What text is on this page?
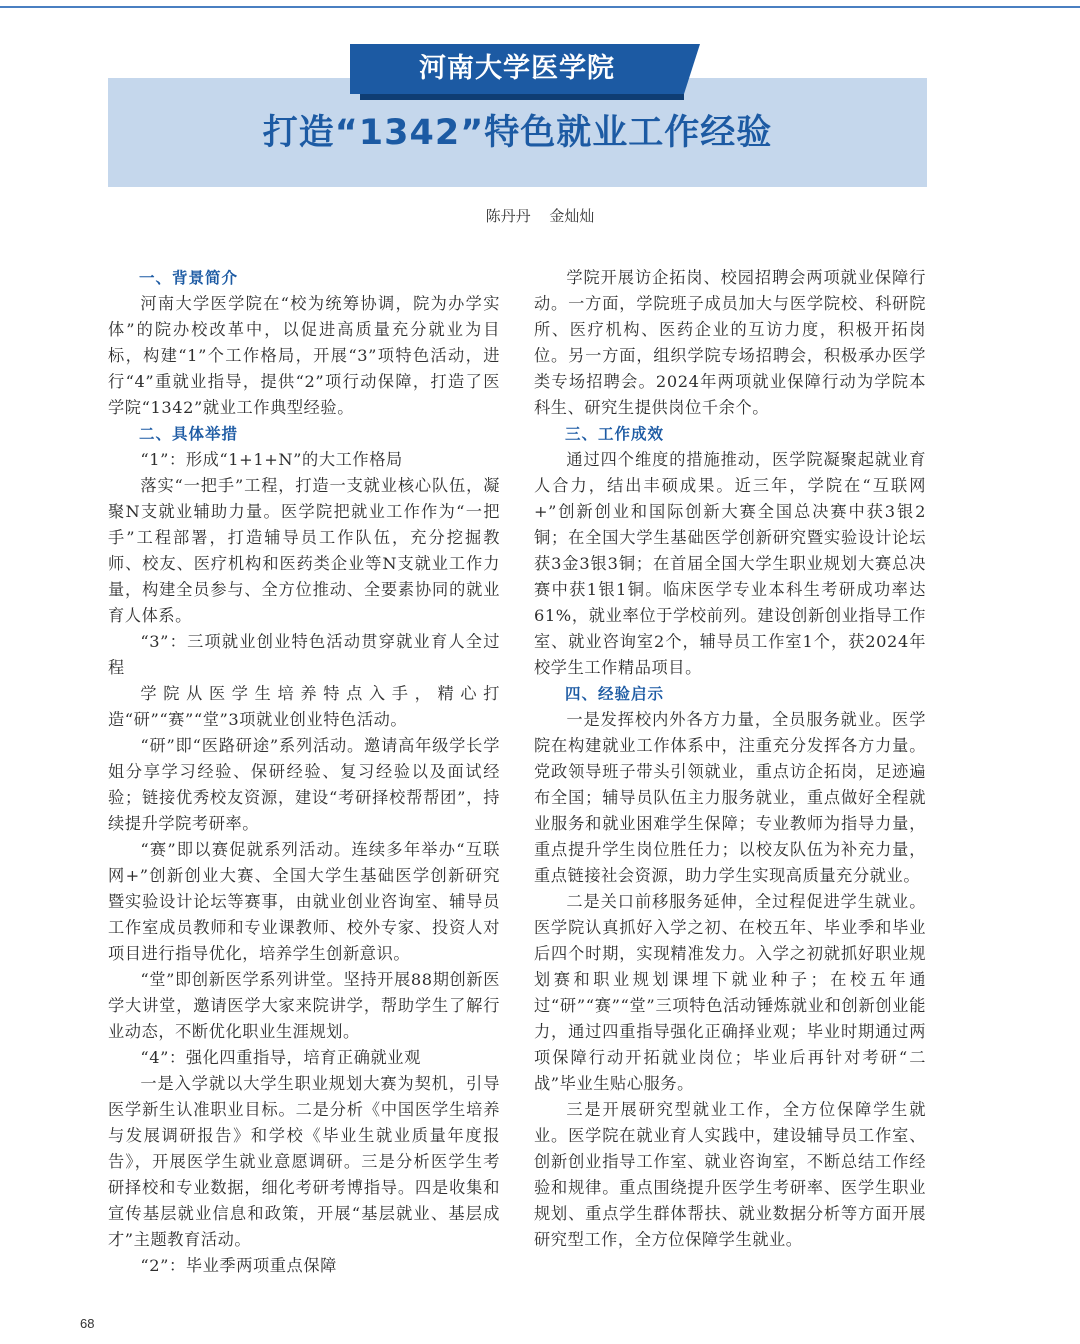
河南大学医学院
打造“1342”特色就业工作经验
陈丹丹 金灿灿
一、背景简介

河南大学医学院在“校为统筹协调，院为办学实体”的院办校改革中，以促进高质量充分就业为目标，构建“1”个工作格局，开展“3”项特色活动，进行“4”重就业指导，提供“2”项行动保障，打造了医学院“1342”就业工作典型经验。

二、具体举措

“1”：形成“1+1+N”的大工作格局

落实“一把手”工程，打造一支就业核心队伍，凝聚N支就业辅助力量。医学院把就业工作作为“一把手”工程部署，打造辅导员工作队伍，充分挖掘教师、校友、医疗机构和医药类企业等N支就业工作力量，构建全员参与、全方位推动、全要素协同的就业育人体系。

“3”：三项就业创业特色活动贯穿就业育人全过程

学院从医学生培养特点入手，精心打造“研”“赛”“堂”3项就业创业特色活动。

“研”即“医路研途”系列活动。邀请高年级学长学姐分享学习经验、保研经验、复习经验以及面试经验；链接优秀校友资源，建设“考研择校帮帮团”，持续提升学院考研率。

“赛”即以赛促就系列活动。连续多年举办“互联网+”创新创业大赛、全国大学生基础医学创新研究暨实验设计论坛等赛事，由就业创业咨询室、辅导员工作室成员教师和专业课教师、校外专家、投资人对项目进行指导优化，培养学生创新意识。

“堂”即创新医学系列讲堂。坚持开展88期创新医学大讲堂，邀请医学大家来院讲学，帮助学生了解行业动态，不断优化职业生涯规划。

“4”：强化四重指导，培育正确就业观

一是入学就以大学生职业规划大赛为契机，引导医学新生认准职业目标。二是分析《中国医学生培养与发展调研报告》和学校《毕业生就业质量年度报告》，开展医学生就业意愿调研。三是分析医学生考研择校和专业数据，细化考研考博指导。四是收集和宣传基层就业信息和政策，开展“基层就业、基层成才”主题教育活动。

“2”：毕业季两项重点保障

学院开展访企拓岗、校园招聘会两项就业保障行动。一方面，学院班子成员加大与医学院校、科研院所、医疗机构、医药企业的互访力度，积极开拓岗位。另一方面，组织学院专场招聘会，积极承办医学类专场招聘会。2024年两项就业保障行动为学院本科生、研究生提供岗位千余个。

三、工作成效

通过四个维度的措施推动，医学院凝聚起就业育人合力，结出丰硕成果。近三年，学院在“互联网+”创新创业和国际创新大赛全国总决赛中获3银2铜；在全国大学生基础医学创新研究暨实验设计论坛获3金3银3铜；在首届全国大学生职业规划大赛总决赛中获1银1铜。临床医学专业本科生考研成功率达61%，就业率位于学校前列。建设创新创业指导工作室、就业咨询室2个，辅导员工作室1个，获2024年校学生工作精品项目。

四、经验启示

一是发挥校内外各方力量，全员服务就业。医学院在构建就业工作体系中，注重充分发挥各方力量。党政领导班子带头引领就业，重点访企拓岗，足迹遍布全国；辅导员队伍主力服务就业，重点做好全程就业服务和就业困难学生保障；专业教师为指导力量，重点提升学生岗位胜任力；以校友队伍为补充力量，重点链接社会资源，助力学生实现高质量充分就业。

二是关口前移服务延伸，全过程促进学生就业。医学院认真抓好入学之初、在校五年、毕业季和毕业后四个时期，实现精准发力。入学之初就抓好职业规划赛和职业规划课埋下就业种子；在校五年通过“研”“赛”“堂”三项特色活动锤炼就业和创新创业能力，通过四重指导强化正确择业观；毕业时期通过两项保障行动开拓就业岗位；毕业后再针对考研“二战”毕业生贴心服务。

三是开展研究型就业工作，全方位保障学生就业。医学院在就业育人实践中，建设辅导员工作室、创新创业指导工作室、就业咨询室，不断总结工作经验和规律。重点围绕提升医学生考研率、医学生职业规划、重点学生群体帮扶、就业数据分析等方面开展研究型工作，全方位保障学生就业。

68
